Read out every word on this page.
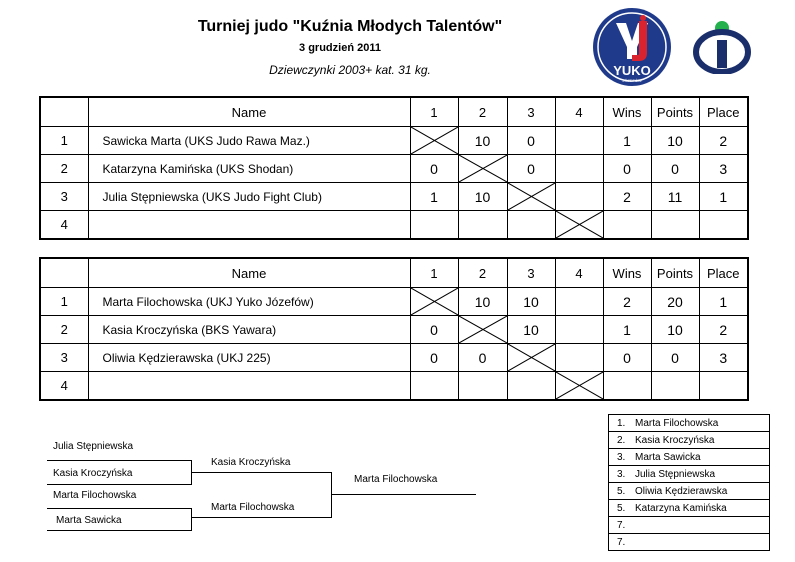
Turniej judo "Kuźnia Młodych Talentów"
3 grudzień 2011
Dziewczynki 2003+ kat. 31 kg.	YUKO
JÓZEFÓW
	Name	1	2	3	4	Wins	Points	Place
1	Sawicka Marta (UKS Judo Rawa Maz.)		10	0		1	10	2
2	Katarzyna Kamińska (UKS Shodan)	0		0		0	0	3
3	Julia Stępniewska (UKS Judo Fight Club)	1	10			2	11	1
4					

	Name	1	2	3	4	Wins	Points	Place
1	Marta Filochowska (UKJ Yuko Józefów)		10	10		2	20	1
2	Kasia Kroczyńska (BKS Yawara)	0		10		1	10	2
3	Oliwia Kędzierawska (UKJ 225)	0	0			0	0	3
4					

Julia Stępniewska
Kasia Kroczyńska
Marta Filochowska
Marta Sawicka
Kasia Kroczyńska
Marta Filochowska
Marta Filochowska
1. Marta Filochowska
2. Kasia Kroczyńska
3. Marta Sawicka
3. Julia Stępniewska
5. Oliwia Kędzierawska
5. Katarzyna Kamińska
7.
7.
